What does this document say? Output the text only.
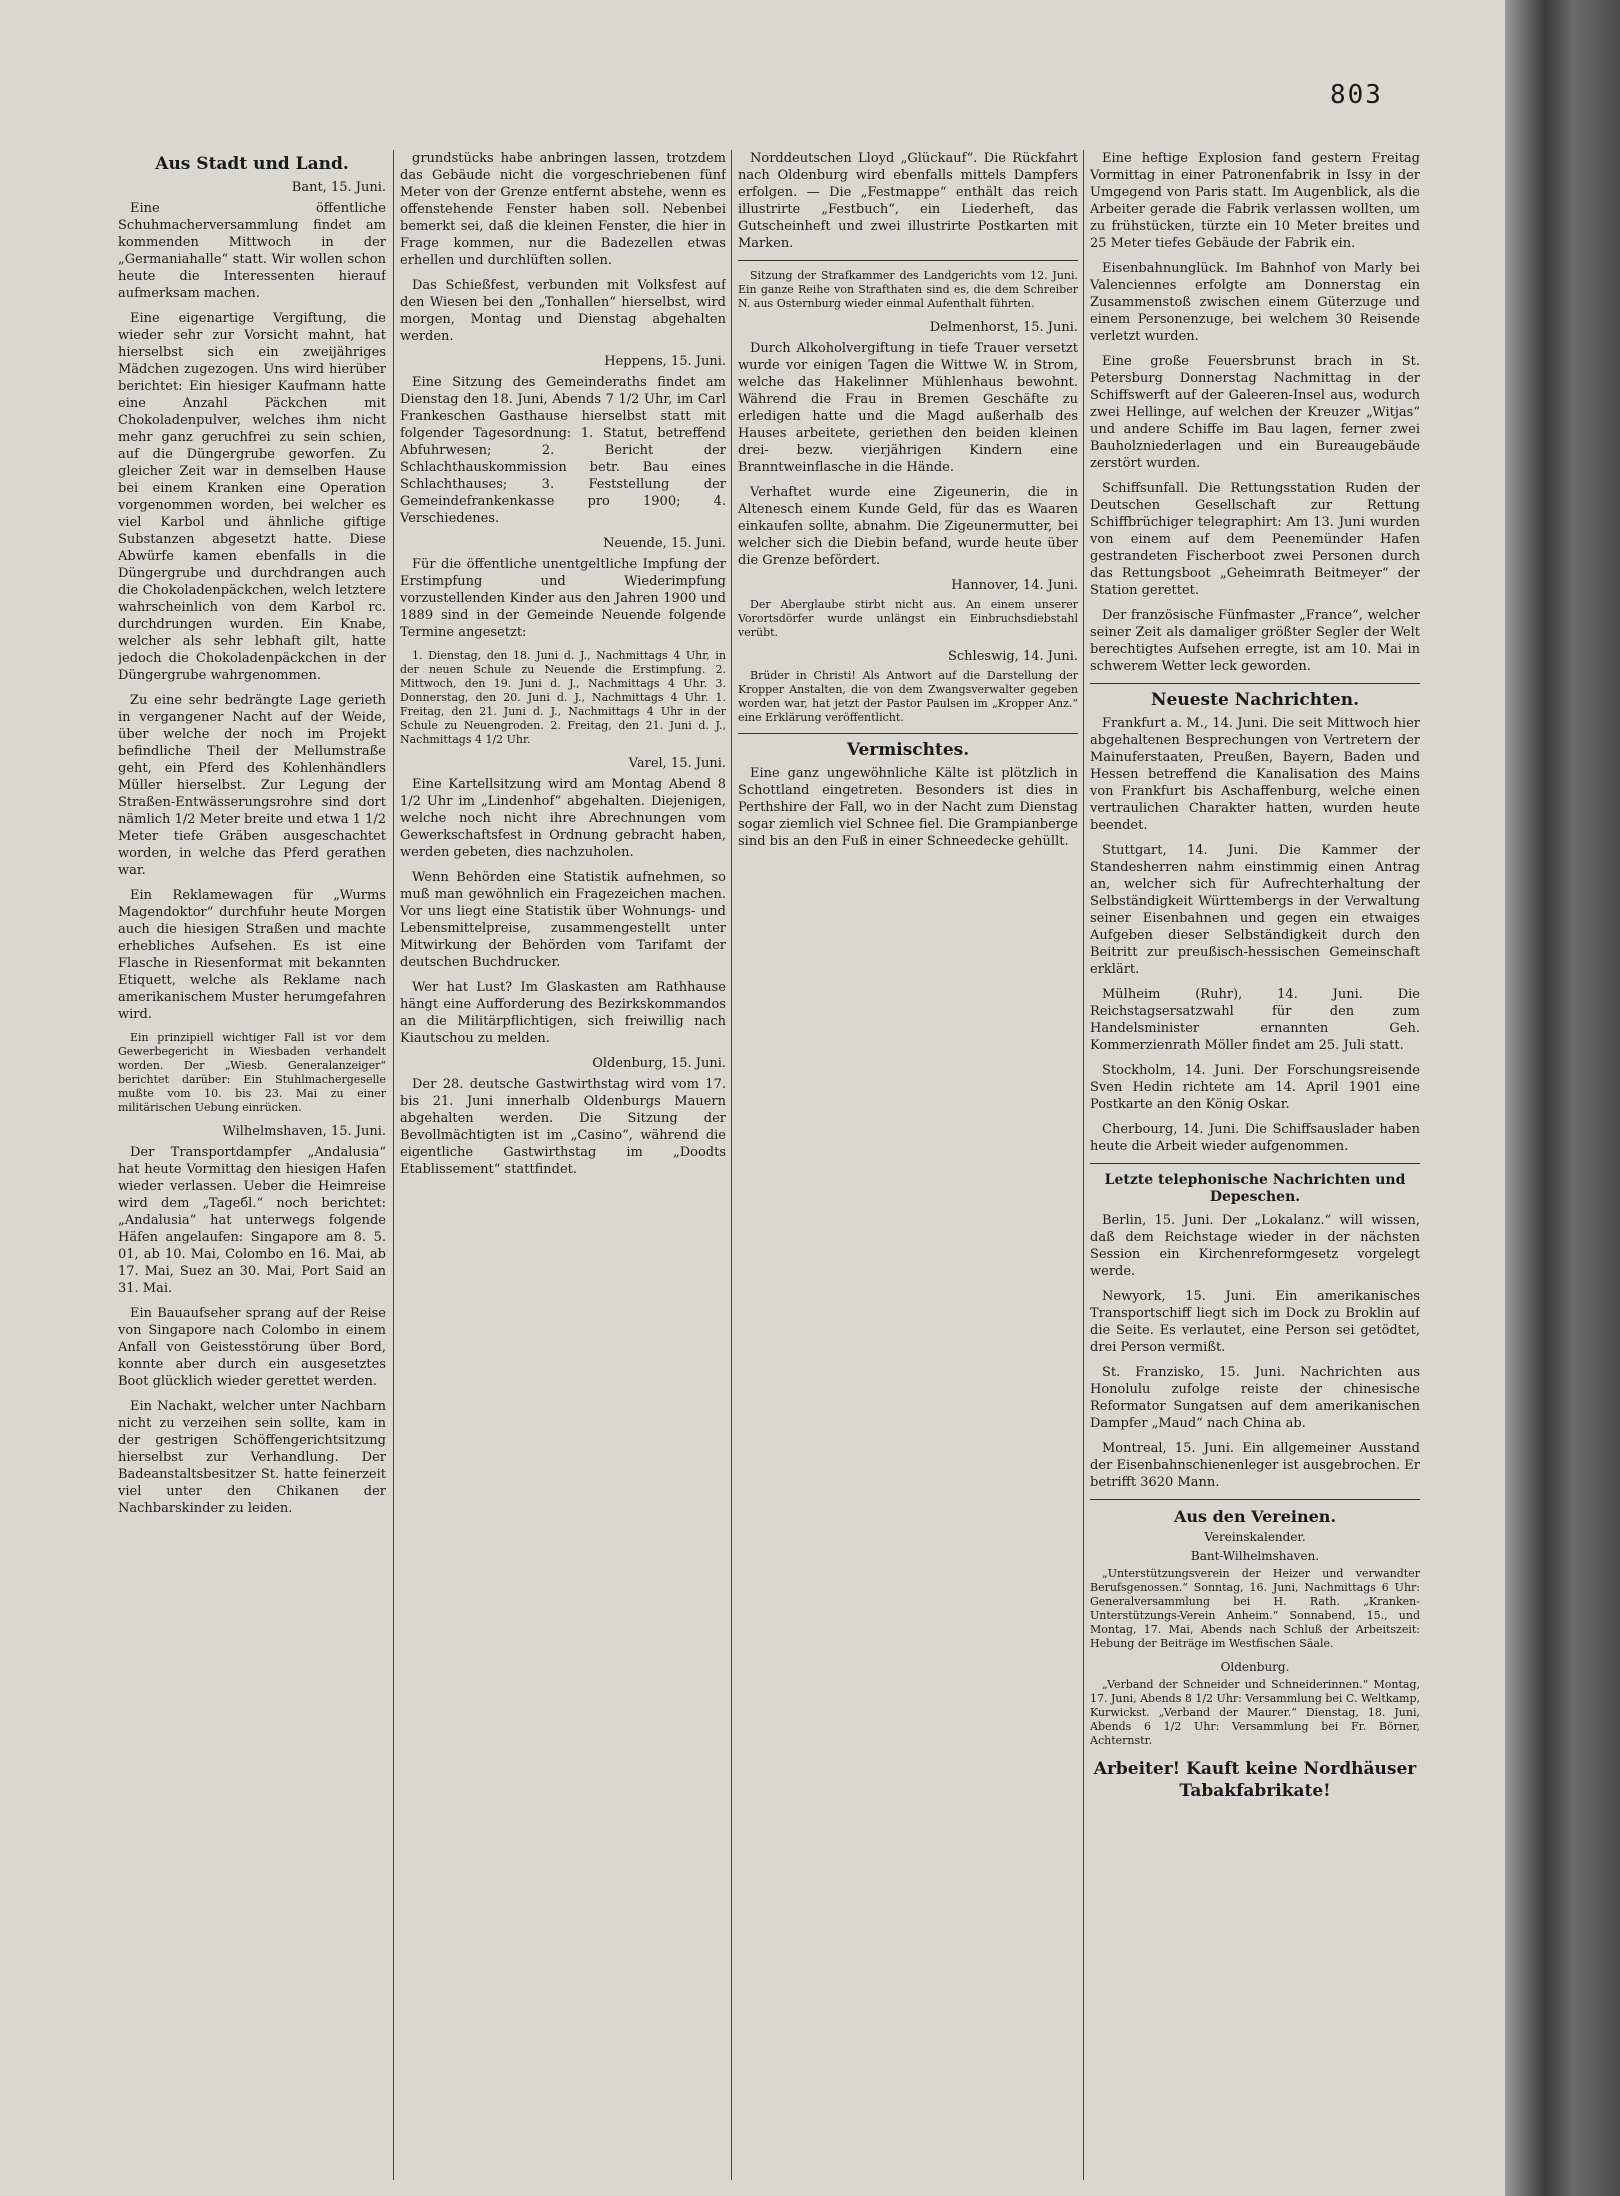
803
Aus Stadt und Land.
Bant, 15. Juni.

Eine öffentliche Schuhmacherversammlung findet am kommenden Mittwoch in der „Germaniahalle“ statt. Wir wollen schon heute die Interessenten hierauf aufmerksam machen.

Eine eigenartige Vergiftung, die wieder sehr zur Vorsicht mahnt, hat hierselbst sich ein zweijähriges Mädchen zugezogen. Uns wird hierüber berichtet: Ein hiesiger Kaufmann hatte eine Anzahl Päckchen mit Chokoladenpulver, welches ihm nicht mehr ganz geruchfrei zu sein schien, auf die Düngergrube geworfen. Zu gleicher Zeit war in demselben Hause bei einem Kranken eine Operation vorgenommen worden, bei welcher es viel Karbol und ähnliche giftige Substanzen abgesetzt hatte. Diese Abwürfe kamen ebenfalls in die Düngergrube und durchdrangen auch die Chokoladenpäckchen, welch letztere wahrscheinlich von dem Karbol rc. durchdrungen wurden. Ein Knabe, welcher als sehr lebhaft gilt, hatte jedoch die Chokoladenpäckchen in der Düngergrube wahrgenommen.

Zu eine sehr bedrängte Lage gerieth in vergangener Nacht auf der Weide, über welche der noch im Projekt befindliche Theil der Mellumstraße geht, ein Pferd des Kohlenhändlers Müller hierselbst. Zur Legung der Straßen-Entwässerungsrohre sind dort nämlich 1/2 Meter breite und etwa 1 1/2 Meter tiefe Gräben ausgeschachtet worden, in welche das Pferd gerathen war.

Ein Reklamewagen für „Wurms Magendoktor“ durchfuhr heute Morgen auch die hiesigen Straßen und machte erhebliches Aufsehen. Es ist eine Flasche in Riesenformat mit bekannten Etiquett, welche als Reklame nach amerikanischem Muster herumgefahren wird.

Ein prinzipiell wichtiger Fall ist vor dem Gewerbegericht in Wiesbaden verhandelt worden. Der „Wiesb. Generalanzeiger“ berichtet darüber: Ein Stuhlmachergeselle mußte vom 10. bis 23. Mai zu einer militärischen Uebung einrücken.

Wilhelmshaven, 15. Juni.

Der Transportdampfer „Andalusia“ hat heute Vormittag den hiesigen Hafen wieder verlassen. Ueber die Heimreise wird dem „Tageбl.“ noch berichtet: „Andalusia“ hat unterwegs folgende Häfen angelaufen: Singapore am 8. 5. 01, ab 10. Mai, Colombo en 16. Mai, ab 17. Mai, Suez an 30. Mai, Port Said an 31. Mai.

Ein Bauaufseher sprang auf der Reise von Singapore nach Colombo in einem Anfall von Geistesstörung über Bord, konnte aber durch ein ausgesetztes Boot glücklich wieder gerettet werden.

Ein Nachakt, welcher unter Nachbarn nicht zu verzeihen sein sollte, kam in der gestrigen Schöffengerichtsitzung hierselbst zur Verhandlung. Der Badeanstaltsbesitzer St. hatte feinerzeit viel unter den Chikanen der Nachbarskinder zu leiden.

grundstücks habe anbringen lassen, trotzdem das Gebäude nicht die vorgeschriebenen fünf Meter von der Grenze entfernt abstehe, wenn es offenstehende Fenster haben soll. Nebenbei bemerkt sei, daß die kleinen Fenster, die hier in Frage kommen, nur die Badezellen etwas erhellen und durchlüften sollen.

Das Schießfest, verbunden mit Volksfest auf den Wiesen bei den „Tonhallen“ hierselbst, wird morgen, Montag und Dienstag abgehalten werden.

Heppens, 15. Juni.

Eine Sitzung des Gemeinderaths findet am Dienstag den 18. Juni, Abends 7 1/2 Uhr, im Carl Frankeschen Gasthause hierselbst statt mit folgender Tagesordnung: 1. Statut, betreffend Abfuhrwesen; 2. Bericht der Schlachthauskommission betr. Bau eines Schlachthauses; 3. Feststellung der Gemeindefrankenkasse pro 1900; 4. Verschiedenes.

Neuende, 15. Juni.

Für die öffentliche unentgeltliche Impfung der Erstimpfung und Wiederimpfung vorzustellenden Kinder aus den Jahren 1900 und 1889 sind in der Gemeinde Neuende folgende Termine angesetzt:

1. Dienstag, den 18. Juni d. J., Nachmittags 4 Uhr, in der neuen Schule zu Neuende die Erstimpfung. 2. Mittwoch, den 19. Juni d. J., Nachmittags 4 Uhr. 3. Donnerstag, den 20. Juni d. J., Nachmittags 4 Uhr. 1. Freitag, den 21. Juni d. J., Nachmittags 4 Uhr in der Schule zu Neuengroden. 2. Freitag, den 21. Juni d. J., Nachmittags 4 1/2 Uhr.

Varel, 15. Juni.

Eine Kartellsitzung wird am Montag Abend 8 1/2 Uhr im „Lindenhof“ abgehalten. Diejenigen, welche noch nicht ihre Abrechnungen vom Gewerkschaftsfest in Ordnung gebracht haben, werden gebeten, dies nachzuholen.

Wenn Behörden eine Statistik aufnehmen, so muß man gewöhnlich ein Fragezeichen machen. Vor uns liegt eine Statistik über Wohnungs- und Lebensmittelpreise, zusammengestellt unter Mitwirkung der Behörden vom Tarifamt der deutschen Buchdrucker.

Wer hat Lust? Im Glaskasten am Rathhause hängt eine Aufforderung des Bezirkskommandos an die Militärpflichtigen, sich freiwillig nach Kiautschou zu melden.

Oldenburg, 15. Juni.

Der 28. deutsche Gastwirthstag wird vom 17. bis 21. Juni innerhalb Oldenburgs Mauern abgehalten werden. Die Sitzung der Bevollmächtigten ist im „Casino“, während die eigentliche Gastwirthstag im „Doodts Etablissement“ stattfindet.

Norddeutschen Lloyd „Glückauf“. Die Rückfahrt nach Oldenburg wird ebenfalls mittels Dampfers erfolgen. — Die „Festmappe“ enthält das reich illustrirte „Festbuch“, ein Liederheft, das Gutscheinheft und zwei illustrirte Postkarten mit Marken.

Sitzung der Strafkammer des Landgerichts vom 12. Juni. Ein ganze Reihe von Strafthaten sind es, die dem Schreiber N. aus Osternburg wieder einmal Aufenthalt führten.

Delmenhorst, 15. Juni.

Durch Alkoholvergiftung in tiefe Trauer versetzt wurde vor einigen Tagen die Wittwe W. in Strom, welche das Hakelinner Mühlenhaus bewohnt. Während die Frau in Bremen Geschäfte zu erledigen hatte und die Magd außerhalb des Hauses arbeitete, geriethen den beiden kleinen drei- bezw. vierjährigen Kindern eine Branntweinflasche in die Hände.

Verhaftet wurde eine Zigeunerin, die in Altenesch einem Kunde Geld, für das es Waaren einkaufen sollte, abnahm. Die Zigeunermutter, bei welcher sich die Diebin befand, wurde heute über die Grenze befördert.

Hannover, 14. Juni.

Der Aberglaube stirbt nicht aus. An einem unserer Vorortsdörfer wurde unlängst ein Einbruchsdiebstahl verübt.

Schleswig, 14. Juni.

Brüder in Christi! Als Antwort auf die Darstellung der Kropper Anstalten, die von dem Zwangsverwalter gegeben worden war, hat jetzt der Pastor Paulsen im „Kropper Anz.“ eine Erklärung veröffentlicht.

Vermischtes.

Eine ganz ungewöhnliche Kälte ist plötzlich in Schottland eingetreten. Besonders ist dies in Perthshire der Fall, wo in der Nacht zum Dienstag sogar ziemlich viel Schnee fiel. Die Grampianberge sind bis an den Fuß in einer Schneedecke gehüllt.

Eine heftige Explosion fand gestern Freitag Vormittag in einer Patronenfabrik in Issy in der Umgegend von Paris statt. Im Augenblick, als die Arbeiter gerade die Fabrik verlassen wollten, um zu frühstücken, türzte ein 10 Meter breites und 25 Meter tiefes Gebäude der Fabrik ein.

Eisenbahnunglück. Im Bahnhof von Marly bei Valenciennes erfolgte am Donnerstag ein Zusammenstoß zwischen einem Güterzuge und einem Personenzuge, bei welchem 30 Reisende verletzt wurden.

Eine große Feuersbrunst brach in St. Petersburg Donnerstag Nachmittag in der Schiffswerft auf der Galeeren-Insel aus, wodurch zwei Hellinge, auf welchen der Kreuzer „Witjas“ und andere Schiffe im Bau lagen, ferner zwei Bauholzniederlagen und ein Bureaugebäude zerstört wurden.

Schiffsunfall. Die Rettungsstation Ruden der Deutschen Gesellschaft zur Rettung Schiffbrüchiger telegraphirt: Am 13. Juni wurden von einem auf dem Peenemünder Hafen gestrandeten Fischerboot zwei Personen durch das Rettungsboot „Geheimrath Beitmeyer“ der Station gerettet.

Der französische Fünfmaster „France“, welcher seiner Zeit als damaliger größter Segler der Welt berechtigtes Aufsehen erregte, ist am 10. Mai in schwerem Wetter leck geworden.

Neueste Nachrichten.

Frankfurt a. M., 14. Juni. Die seit Mittwoch hier abgehaltenen Besprechungen von Vertretern der Mainuferstaaten, Preußen, Bayern, Baden und Hessen betreffend die Kanalisation des Mains von Frankfurt bis Aschaffenburg, welche einen vertraulichen Charakter hatten, wurden heute beendet.

Stuttgart, 14. Juni. Die Kammer der Standesherren nahm einstimmig einen Antrag an, welcher sich für Aufrechterhaltung der Selbständigkeit Württembergs in der Verwaltung seiner Eisenbahnen und gegen ein etwaiges Aufgeben dieser Selbständigkeit durch den Beitritt zur preußisch-hessischen Gemeinschaft erklärt.

Mülheim (Ruhr), 14. Juni. Die Reichstagsersatzwahl für den zum Handelsminister ernannten Geh. Kommerzienrath Möller findet am 25. Juli statt.

Stockholm, 14. Juni. Der Forschungsreisende Sven Hedin richtete am 14. April 1901 eine Postkarte an den König Oskar.

Cherbourg, 14. Juni. Die Schiffsauslader haben heute die Arbeit wieder aufgenommen.

Letzte telephonische Nachrichten und Depeschen.

Berlin, 15. Juni. Der „Lokalanz.“ will wissen, daß dem Reichstage wieder in der nächsten Session ein Kirchenreformgesetz vorgelegt werde.

Newyork, 15. Juni. Ein amerikanisches Transportschiff liegt sich im Dock zu Broklin auf die Seite. Es verlautet, eine Person sei getödtet, drei Person vermißt.

St. Franzisko, 15. Juni. Nachrichten aus Honolulu zufolge reiste der chinesische Reformator Sungatsen auf dem amerikanischen Dampfer „Maud“ nach China ab.

Montreal, 15. Juni. Ein allgemeiner Ausstand der Eisenbahnschienenleger ist ausgebrochen. Er betrifft 3620 Mann.

Aus den Vereinen.
Vereinskalender.
Bant-Wilhelmshaven.

„Unterstützungsverein der Heizer und verwandter Berufsgenossen.“ Sonntag, 16. Juni, Nachmittags 6 Uhr: Generalversammlung bei H. Rath. „Kranken-Unterstützungs-Verein Anheim.“ Sonnabend, 15., und Montag, 17. Mai, Abends nach Schluß der Arbeitszeit: Hebung der Beiträge im Westfischen Säale.

Oldenburg.

„Verband der Schneider und Schneiderinnen.“ Montag, 17. Juni, Abends 8 1/2 Uhr: Versammlung bei C. Weltkamp, Kurwickst. „Verband der Maurer.“ Dienstag, 18. Juni, Abends 6 1/2 Uhr: Versammlung bei Fr. Börner, Achternstr.

Arbeiter! Kauft keine Nordhäuser Tabakfabrikate!
